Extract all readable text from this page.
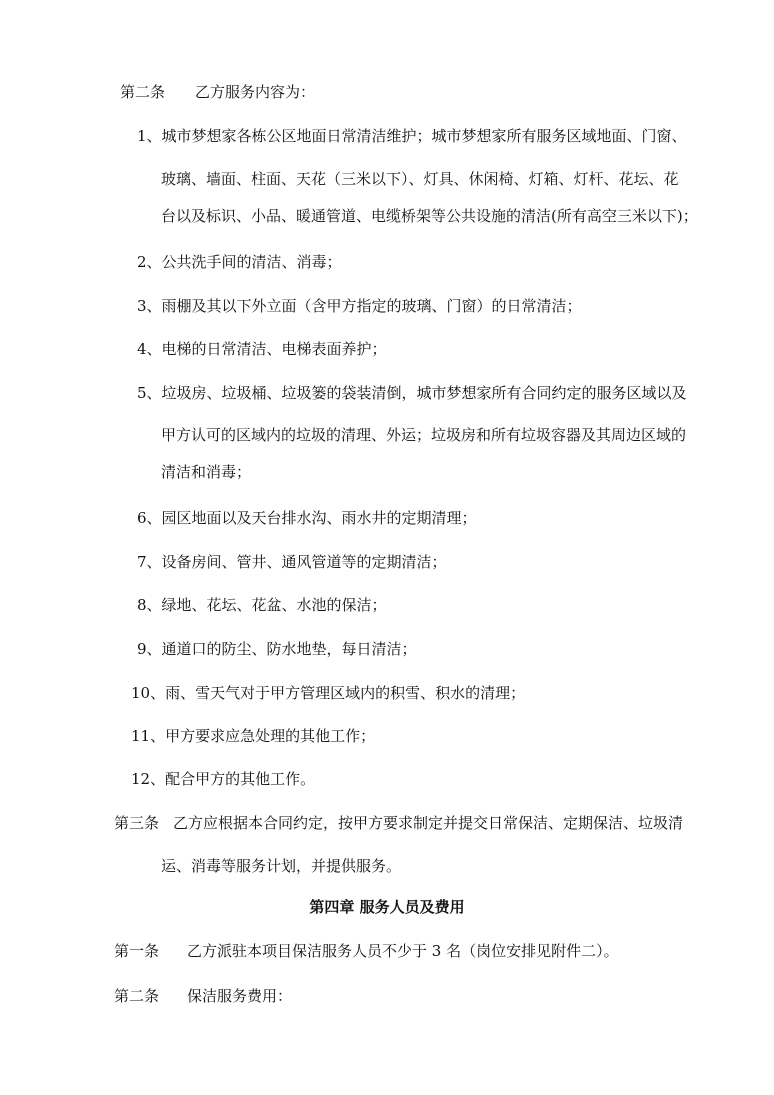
第二条 乙方服务内容为：
1、城市梦想家各栋公区地面日常清洁维护；城市梦想家所有服务区域地面、门窗、
玻璃、墙面、柱面、天花（三米以下）、灯具、休闲椅、灯箱、灯杆、花坛、花
台以及标识、小品、暖通管道、电缆桥架等公共设施的清洁(所有高空三米以下)；
2、公共洗手间的清洁、消毒；
3、雨棚及其以下外立面（含甲方指定的玻璃、门窗）的日常清洁；
4、电梯的日常清洁、电梯表面养护；
5、垃圾房、垃圾桶、垃圾篓的袋装清倒，城市梦想家所有合同约定的服务区域以及
甲方认可的区域内的垃圾的清理、外运；垃圾房和所有垃圾容器及其周边区域的
清洁和消毒；
6、园区地面以及天台排水沟、雨水井的定期清理；
7、设备房间、管井、通风管道等的定期清洁；
8、绿地、花坛、花盆、水池的保洁；
9、通道口的防尘、防水地垫，每日清洁；
10、雨、雪天气对于甲方管理区域内的积雪、积水的清理；
11、甲方要求应急处理的其他工作；
12、配合甲方的其他工作。
第三条 乙方应根据本合同约定，按甲方要求制定并提交日常保洁、定期保洁、垃圾清
运、消毒等服务计划，并提供服务。
第四章 服务人员及费用
第一条 乙方派驻本项目保洁服务人员不少于 3 名（岗位安排见附件二）。
第二条 保洁服务费用：
